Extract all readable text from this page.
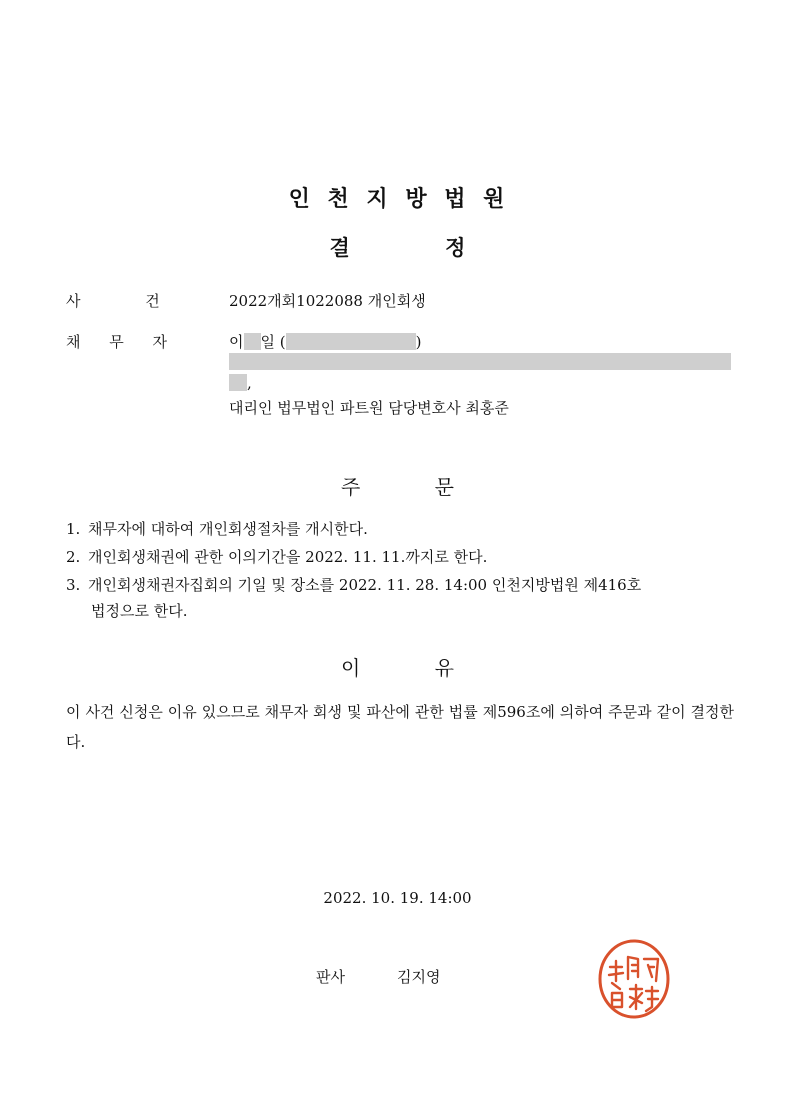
인 천 지 방 법 원
결 정
사 건	2022개회1022088 개인회생
채 무 자	이 일 (	)
,
대리인 법무법인 파트원 담당변호사 최홍준
주 문
1. 채무자에 대하여 개인회생절차를 개시한다.
2. 개인회생채권에 관한 이의기간을 2022. 11. 11.까지로 한다.
3. 개인회생채권자집회의 기일 및 장소를 2022. 11. 28. 14:00 인천지방법원 제416호
법정으로 한다.
이 유
이 사건 신청은 이유 있으므로 채무자 회생 및 파산에 관한 법률 제596조에 의하여 주문과 같이 결정한다.
2022. 10. 19. 14:00
판사	김지영
